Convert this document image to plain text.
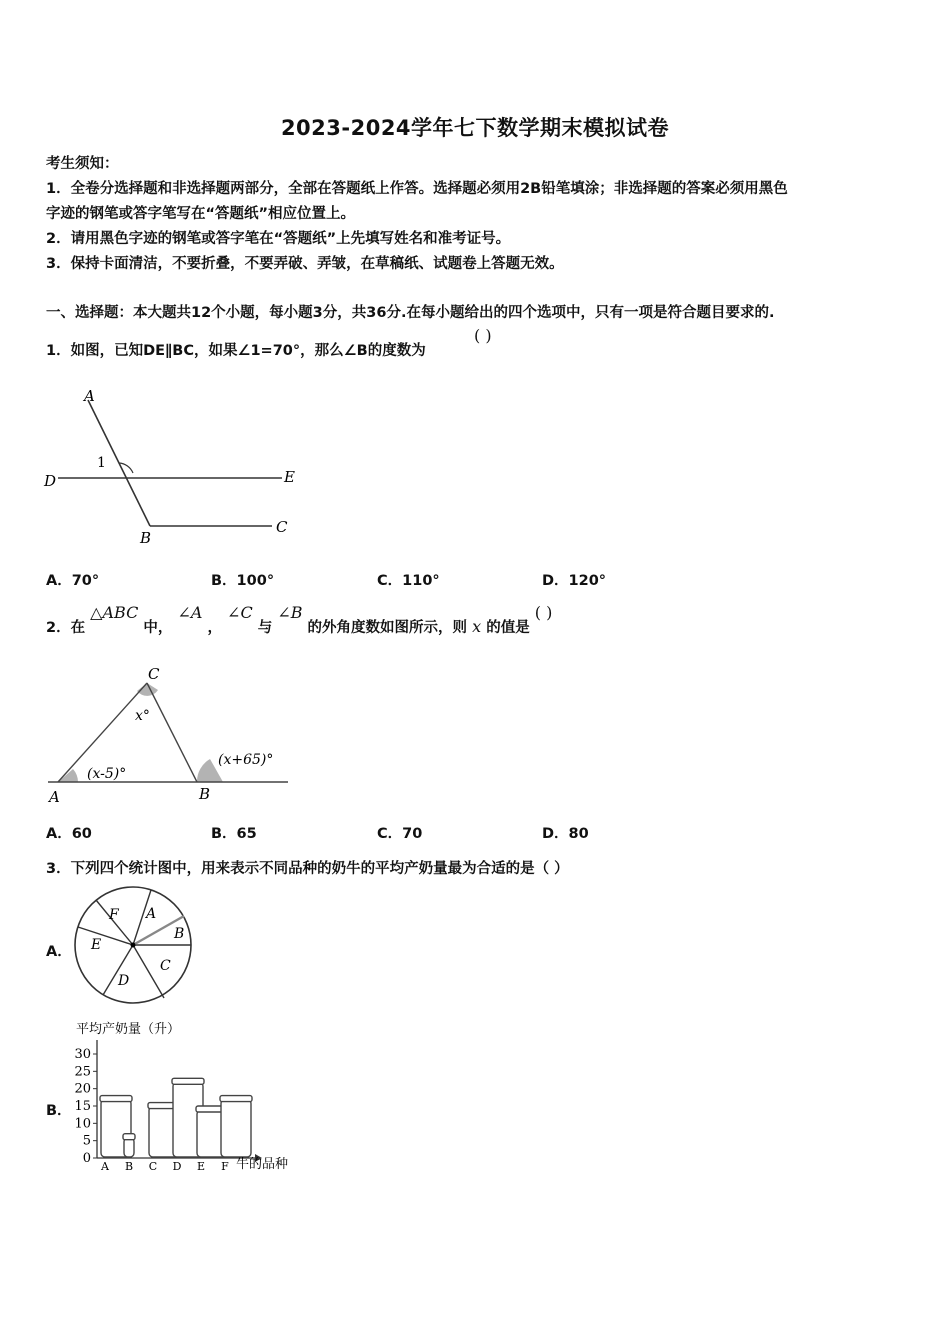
2023-2024学年七下数学期末模拟试卷
考生须知：
1．全卷分选择题和非选择题两部分，全部在答题纸上作答。选择题必须用2B铅笔填涂；非选择题的答案必须用黑色
字迹的钢笔或答字笔写在“答题纸”相应位置上。
2．请用黑色字迹的钢笔或答字笔在“答题纸”上先填写姓名和准考证号。
3．保持卡面清洁，不要折叠，不要弄破、弄皱，在草稿纸、试题卷上答题无效。
一、选择题：本大题共12个小题，每小题3分，共36分.在每小题给出的四个选项中，只有一项是符合题目要求的.
1．如图，已知DE∥BC，如果∠1=70°，那么∠B的度数为
( )
A
D	E
B
C
1
A．70°	B．100°	C．110°	D．120°
2．在 △ABC 中， ∠A ， ∠C 与 ∠B 的外角度数如图所示，则 x 的值是 ( )
C
A	B
x°
(x-5)°
(x+65)°
A．60	B．65	C．70	D．80
3．下列四个统计图中，用来表示不同品种的奶牛的平均产奶量最为合适的是（ ）
A．
A
B
C
D
E
F
B．
0
5
10
15
20
25
30
A B C D E F
平均产奶量（升）
牛的品种
